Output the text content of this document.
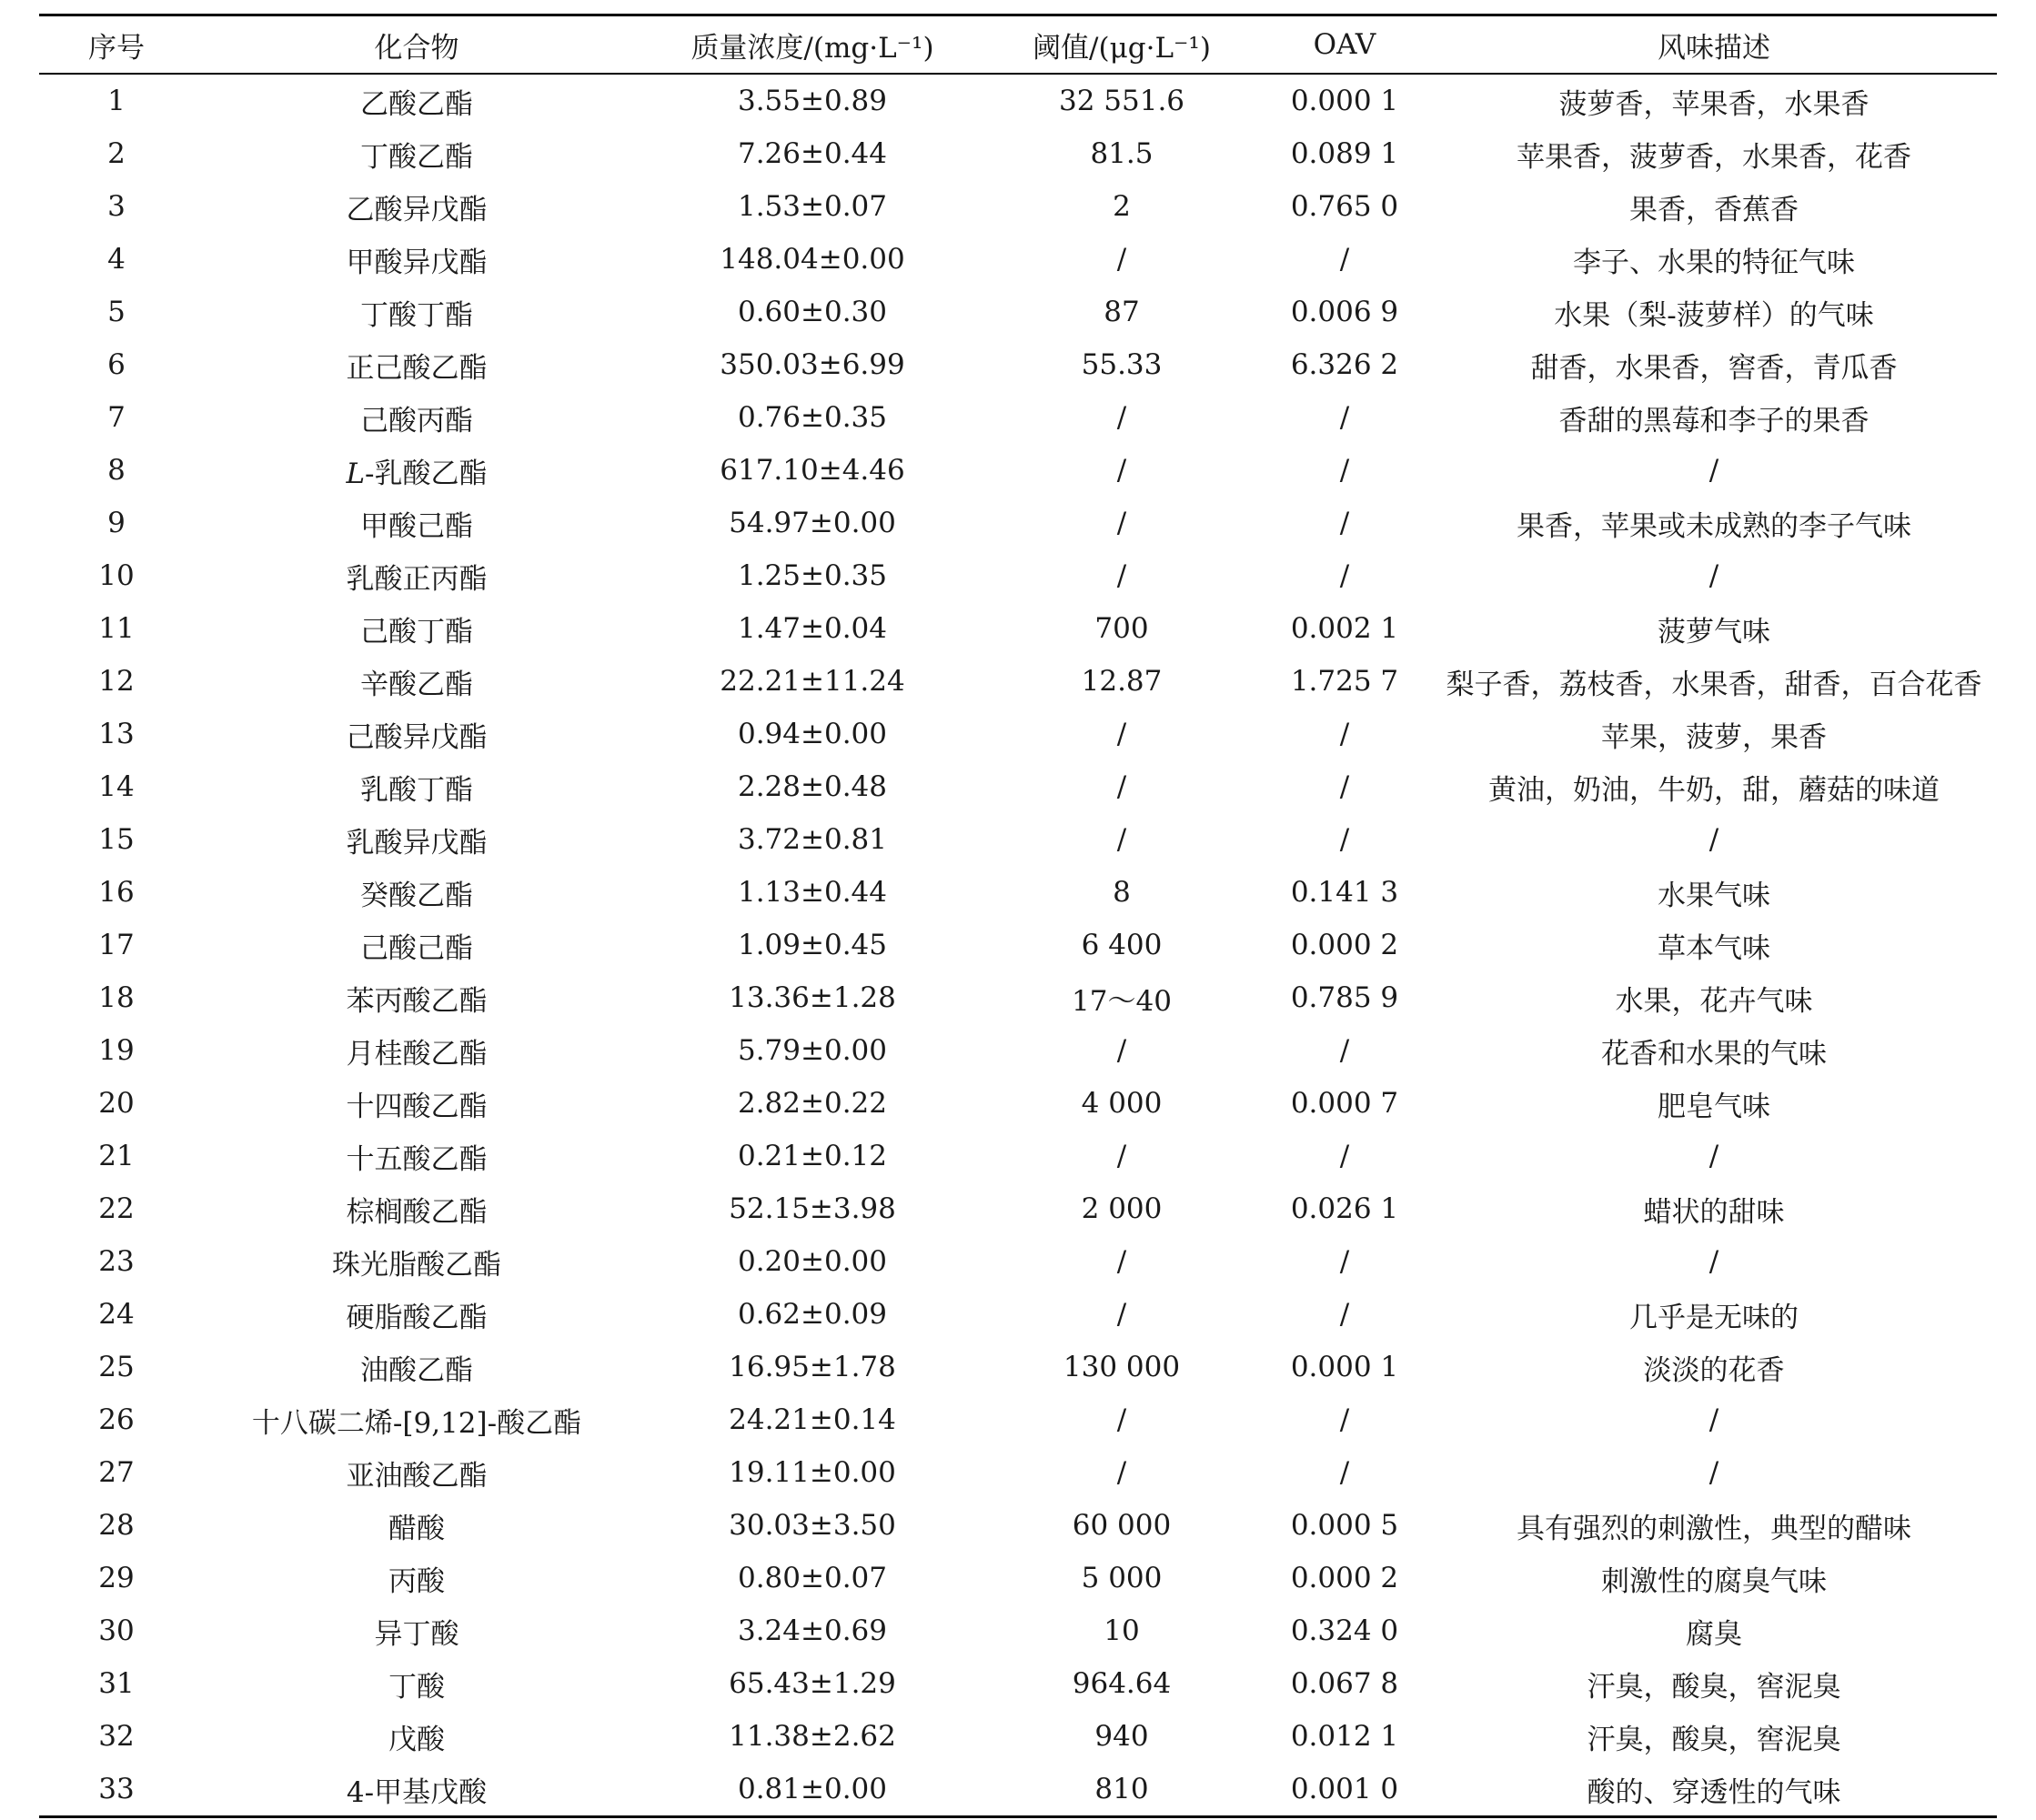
序号	化合物	质量浓度/(mg·L⁻¹)	阈值/(μg·L⁻¹)	OAV	风味描述
1	乙酸乙酯	3.55±0.89	32 551.6	0.000 1	菠萝香，苹果香，水果香
2	丁酸乙酯	7.26±0.44	81.5	0.089 1	苹果香，菠萝香，水果香，花香
3	乙酸异戊酯	1.53±0.07	2	0.765 0	果香，香蕉香
4	甲酸异戊酯	148.04±0.00	/	/	李子、水果的特征气味
5	丁酸丁酯	0.60±0.30	87	0.006 9	水果（梨-菠萝样）的气味
6	正己酸乙酯	350.03±6.99	55.33	6.326 2	甜香，水果香，窖香，青瓜香
7	己酸丙酯	0.76±0.35	/	/	香甜的黑莓和李子的果香
8	L-乳酸乙酯	617.10±4.46	/	/	/
9	甲酸己酯	54.97±0.00	/	/	果香，苹果或未成熟的李子气味
10	乳酸正丙酯	1.25±0.35	/	/	/
11	己酸丁酯	1.47±0.04	700	0.002 1	菠萝气味
12	辛酸乙酯	22.21±11.24	12.87	1.725 7	梨子香，荔枝香，水果香，甜香，百合花香
13	己酸异戊酯	0.94±0.00	/	/	苹果，菠萝，果香
14	乳酸丁酯	2.28±0.48	/	/	黄油，奶油，牛奶，甜，蘑菇的味道
15	乳酸异戊酯	3.72±0.81	/	/	/
16	癸酸乙酯	1.13±0.44	8	0.141 3	水果气味
17	己酸己酯	1.09±0.45	6 400	0.000 2	草本气味
18	苯丙酸乙酯	13.36±1.28	17～40	0.785 9	水果，花卉气味
19	月桂酸乙酯	5.79±0.00	/	/	花香和水果的气味
20	十四酸乙酯	2.82±0.22	4 000	0.000 7	肥皂气味
21	十五酸乙酯	0.21±0.12	/	/	/
22	棕榈酸乙酯	52.15±3.98	2 000	0.026 1	蜡状的甜味
23	珠光脂酸乙酯	0.20±0.00	/	/	/
24	硬脂酸乙酯	0.62±0.09	/	/	几乎是无味的
25	油酸乙酯	16.95±1.78	130 000	0.000 1	淡淡的花香
26	十八碳二烯-[9,12]-酸乙酯	24.21±0.14	/	/	/
27	亚油酸乙酯	19.11±0.00	/	/	/
28	醋酸	30.03±3.50	60 000	0.000 5	具有强烈的刺激性，典型的醋味
29	丙酸	0.80±0.07	5 000	0.000 2	刺激性的腐臭气味
30	异丁酸	3.24±0.69	10	0.324 0	腐臭
31	丁酸	65.43±1.29	964.64	0.067 8	汗臭，酸臭，窖泥臭
32	戊酸	11.38±2.62	940	0.012 1	汗臭，酸臭，窖泥臭
33	4-甲基戊酸	0.81±0.00	810	0.001 0	酸的、穿透性的气味
